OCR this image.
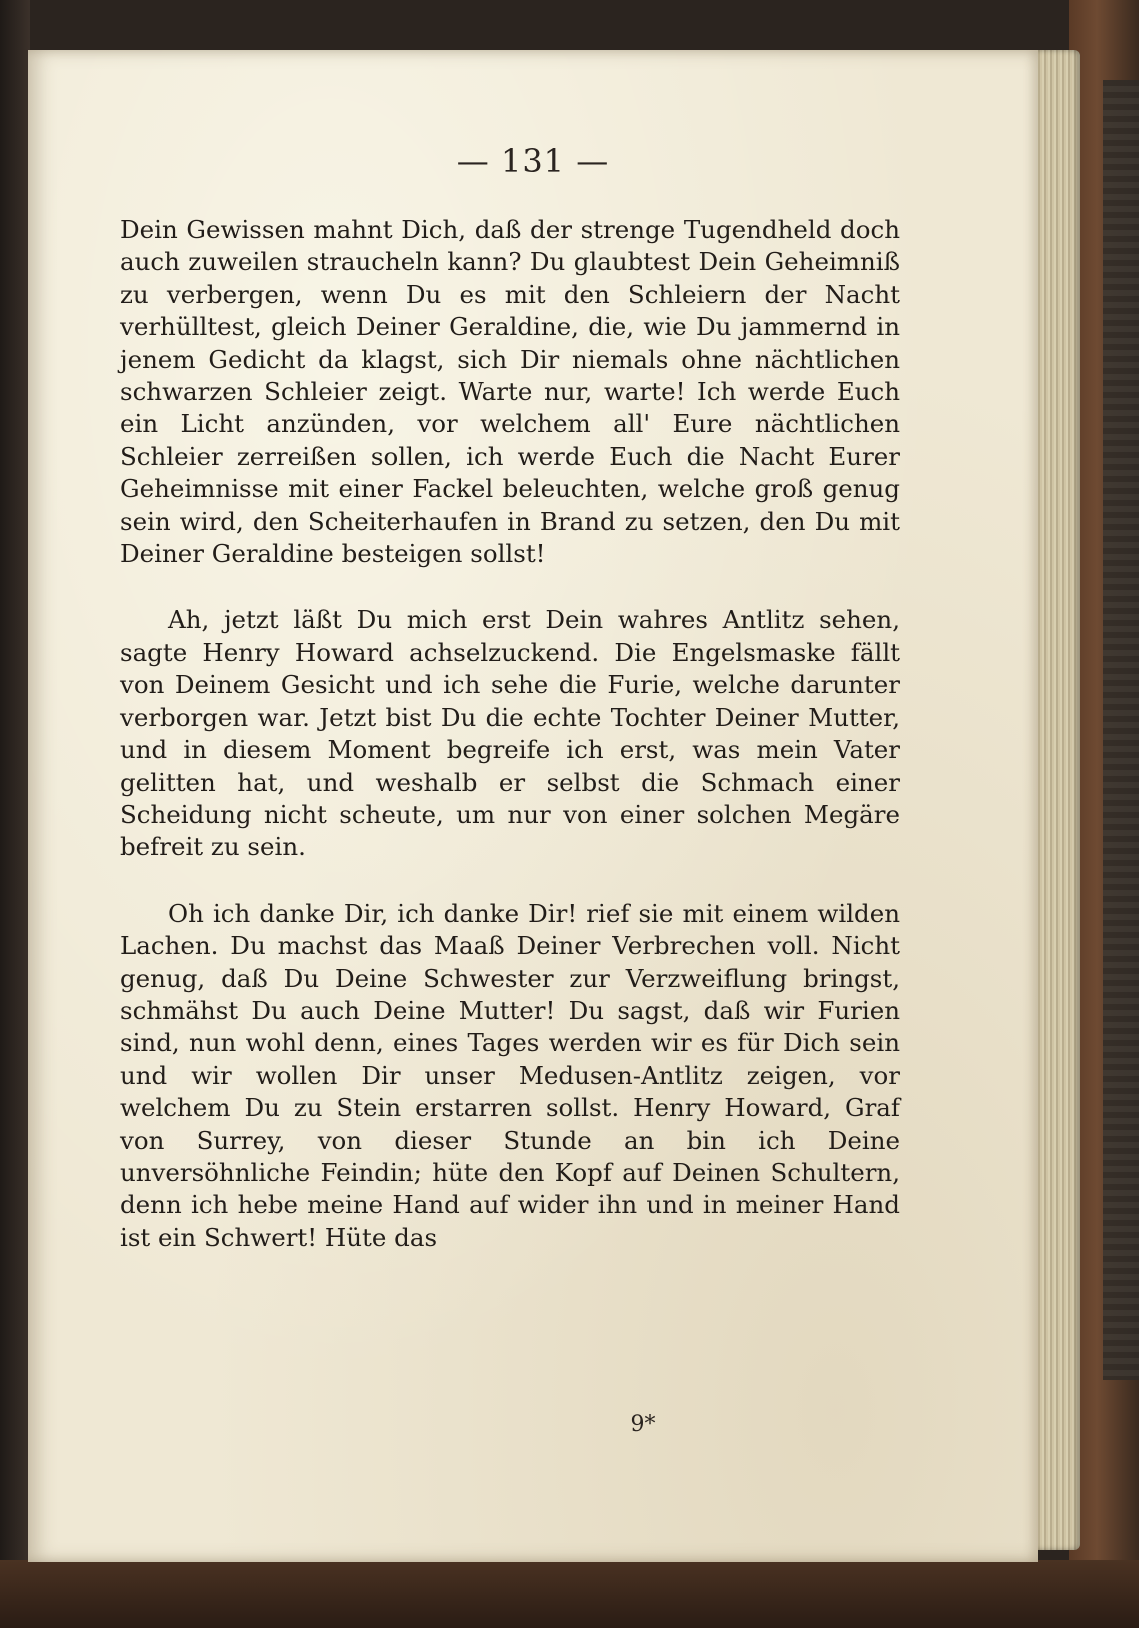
— 131 —

Dein Gewissen mahnt Dich, daß der strenge Tugendheld doch auch zuweilen straucheln kann? Du glaubtest Dein Geheimniß zu verbergen, wenn Du es mit den Schleiern der Nacht verhülltest, gleich Deiner Geraldine, die, wie Du jammernd in jenem Gedicht da klagst, sich Dir niemals ohne nächtlichen schwarzen Schleier zeigt. Warte nur, warte! Ich werde Euch ein Licht anzünden, vor welchem all' Eure nächtlichen Schleier zerreißen sollen, ich werde Euch die Nacht Eurer Geheimnisse mit einer Fackel beleuchten, welche groß genug sein wird, den Scheiterhaufen in Brand zu setzen, den Du mit Deiner Geraldine besteigen sollst!

Ah, jetzt läßt Du mich erst Dein wahres Antlitz sehen, sagte Henry Howard achselzuckend. Die Engelsmaske fällt von Deinem Gesicht und ich sehe die Furie, welche darunter verborgen war. Jetzt bist Du die echte Tochter Deiner Mutter, und in diesem Moment begreife ich erst, was mein Vater gelitten hat, und weshalb er selbst die Schmach einer Scheidung nicht scheute, um nur von einer solchen Megäre befreit zu sein.

Oh ich danke Dir, ich danke Dir! rief sie mit einem wilden Lachen. Du machst das Maaß Deiner Verbrechen voll. Nicht genug, daß Du Deine Schwester zur Verzweiflung bringst, schmähst Du auch Deine Mutter! Du sagst, daß wir Furien sind, nun wohl denn, eines Tages werden wir es für Dich sein und wir wollen Dir unser Medusen-Antlitz zeigen, vor welchem Du zu Stein erstarren sollst. Henry Howard, Graf von Surrey, von dieser Stunde an bin ich Deine unversöhnliche Feindin; hüte den Kopf auf Deinen Schultern, denn ich hebe meine Hand auf wider ihn und in meiner Hand ist ein Schwert! Hüte das

9*
